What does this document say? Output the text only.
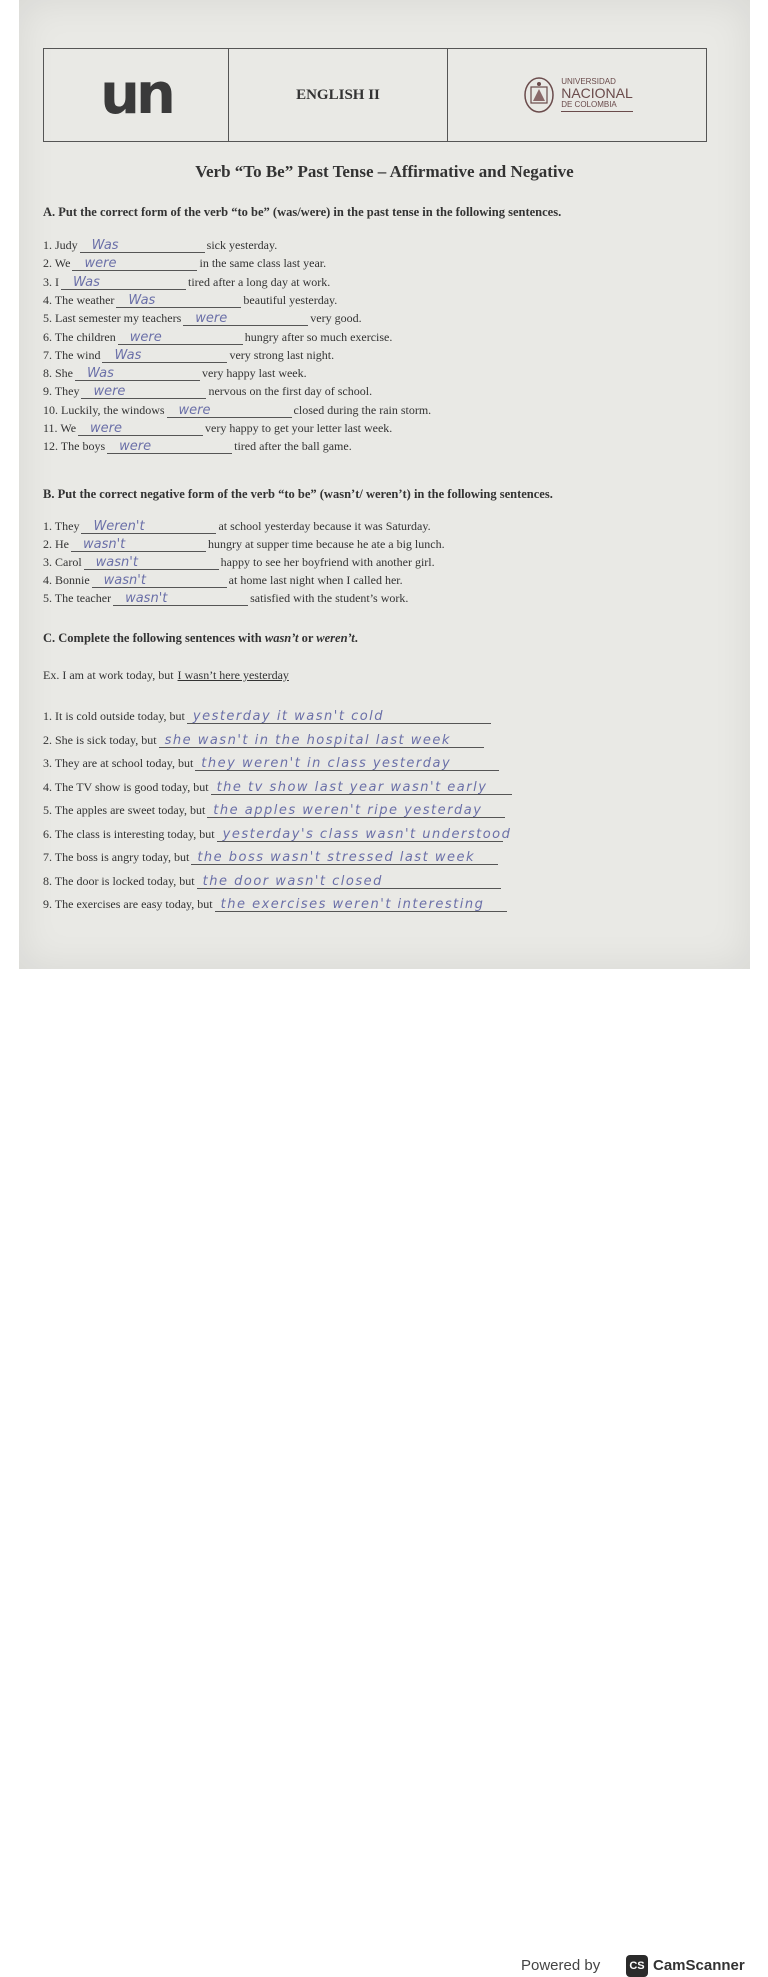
un	ENGLISH II
UNIVERSIDAD
NACIONAL
DE COLOMBIA
Verb “To Be” Past Tense – Affirmative and Negative
A. Put the correct form of the verb “to be” (was/were) in the past tense in the following sentences.
1. Judy Was	sick yesterday.
2. We were	in the same class last year.
3. I Was	tired after a long day at work.
4. The weather Was	beautiful yesterday.
5. Last semester my teachers were	very good.
6. The children were	hungry after so much exercise.
7. The wind Was	very strong last night.
8. She Was	very happy last week.
9. They were	nervous on the first day of school.
10. Luckily, the windows were	closed during the rain storm.
11. We were	very happy to get your letter last week.
12. The boys were	tired after the ball game.
B. Put the correct negative form of the verb “to be” (wasn’t/ weren’t) in the following sentences.
1. They Weren't	at school yesterday because it was Saturday.
2. He wasn't	hungry at supper time because he ate a big lunch.
3. Carol wasn't	happy to see her boyfriend with another girl.
4. Bonnie wasn't	at home last night when I called her.
5. The teacher wasn't	satisfied with the student’s work.
C. Complete the following sentences with wasn’t or weren’t.
Ex. I am at work today, but I wasn’t here yesterday
1. It is cold outside today, but yesterday it wasn't cold
2. She is sick today, but she wasn't in the hospital last week
3. They are at school today, but they weren't in class yesterday
4. The TV show is good today, but the tv show last year wasn't early
5. The apples are sweet today, but the apples weren't ripe yesterday
6. The class is interesting today, but yesterday's class wasn't understood
7. The boss is angry today, but the boss wasn't stressed last week
8. The door is locked today, but the door wasn't closed
9. The exercises are easy today, but the exercises weren't interesting
Powered by	CS CamScanner
